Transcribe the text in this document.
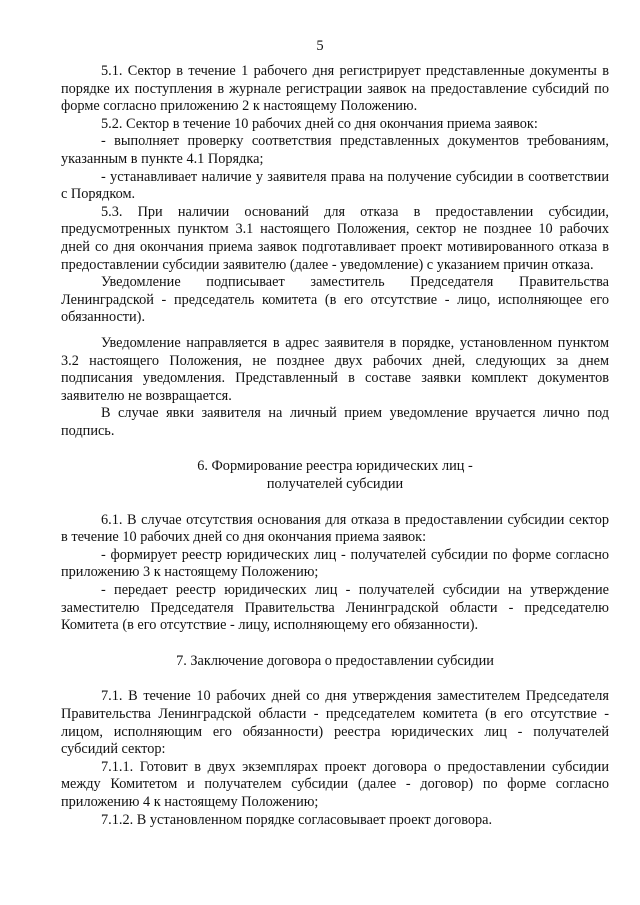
5

5.1. Сектор в течение 1 рабочего дня регистрирует представленные документы в порядке их поступления в журнале регистрации заявок на предоставление субсидий по форме согласно приложению 2 к настоящему Положению.

5.2. Сектор в течение 10 рабочих дней со дня окончания приема заявок:

- выполняет проверку соответствия представленных документов требованиям, указанным в пункте 4.1 Порядка;

- устанавливает наличие у заявителя права на получение субсидии в соответствии с Порядком.

5.3. При наличии оснований для отказа в предоставлении субсидии, предусмотренных пунктом 3.1 настоящего Положения, сектор не позднее 10 рабочих дней со дня окончания приема заявок подготавливает проект мотивированного отказа в предоставлении субсидии заявителю (далее - уведомление) с указанием причин отказа.

Уведомление подписывает заместитель Председателя Правительства Ленинградской - председатель комитета (в его отсутствие - лицо, исполняющее его обязанности).

Уведомление направляется в адрес заявителя в порядке, установленном пунктом 3.2 настоящего Положения, не позднее двух рабочих дней, следующих за днем подписания уведомления. Представленный в составе заявки комплект документов заявителю не возвращается.

В случае явки заявителя на личный прием уведомление вручается лично под подпись.

6. Формирование реестра юридических лиц -
получателей субсидии

6.1. В случае отсутствия основания для отказа в предоставлении субсидии сектор в течение 10 рабочих дней со дня окончания приема заявок:

- формирует реестр юридических лиц - получателей субсидии по форме согласно приложению 3 к настоящему Положению;

- передает реестр юридических лиц - получателей субсидии на утверждение заместителю Председателя Правительства Ленинградской области - председателю Комитета (в его отсутствие - лицу, исполняющему его обязанности).

7. Заключение договора о предоставлении субсидии

7.1. В течение 10 рабочих дней со дня утверждения заместителем Председателя Правительства Ленинградской области - председателем комитета (в его отсутствие - лицом, исполняющим его обязанности) реестра юридических лиц - получателей субсидий сектор:

7.1.1. Готовит в двух экземплярах проект договора о предоставлении субсидии между Комитетом и получателем субсидии (далее - договор) по форме согласно приложению 4 к настоящему Положению;

7.1.2. В установленном порядке согласовывает проект договора.
